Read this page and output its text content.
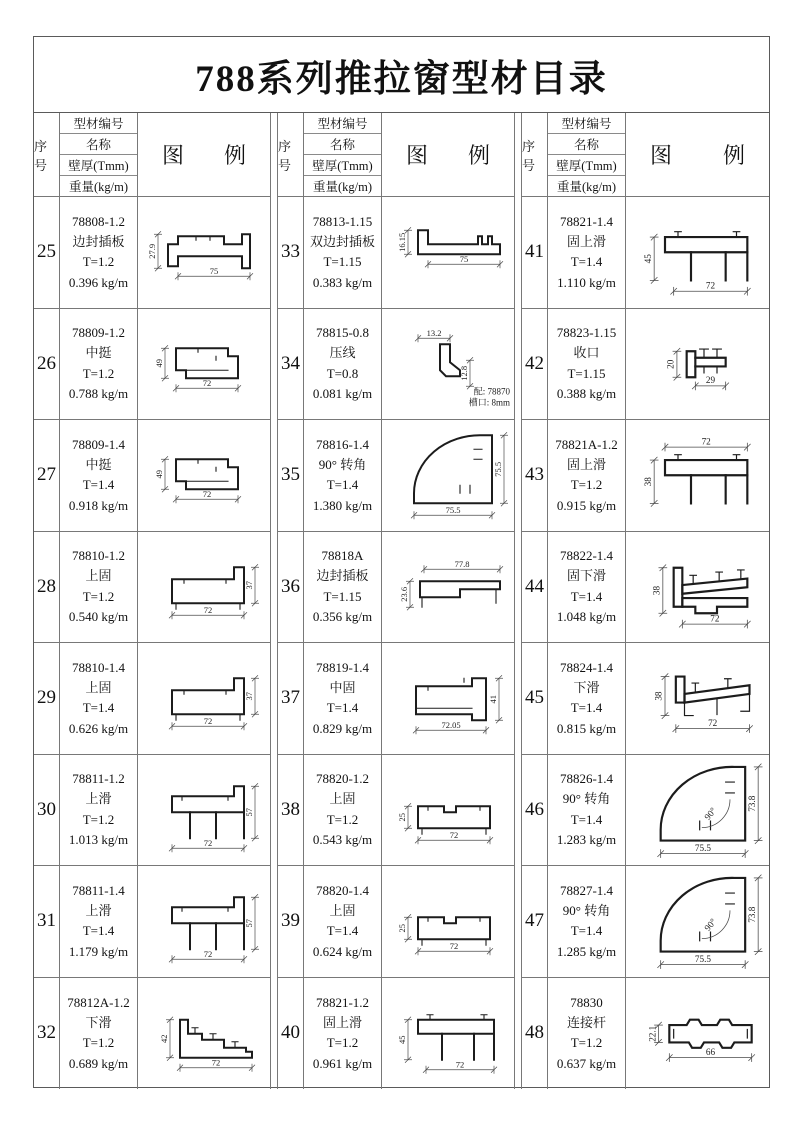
788系列推拉窗型材目录
序号
型材编号
名称
壁厚(Tmm)
重量(kg/m)
图 例
25
78808-1.2
边封插板
T=1.2
0.396 kg/m
27.9
75
26
78809-1.2
中挺
T=1.2
0.788 kg/m
49
72
27
78809-1.4
中挺
T=1.4
0.918 kg/m
49
72
28
78810-1.2
上固
T=1.2
0.540 kg/m
37
72
29
78810-1.4
上固
T=1.4
0.626 kg/m
37
72
30
78811-1.2
上滑
T=1.2
1.013 kg/m
57
72
31
78811-1.4
上滑
T=1.4
1.179 kg/m
57
72
32
78812A-1.2
下滑
T=1.2
0.689 kg/m
42
72
序号
型材编号
名称
壁厚(Tmm)
重量(kg/m)
图 例
33
78813-1.15
双边封插板
T=1.15
0.383 kg/m
16.15
75
34
78815-0.8
压线
T=0.8
0.081 kg/m
13.2
12.8
配: 78870
槽口: 8mm
35
78816-1.4
90° 转角
T=1.4
1.380 kg/m
75.5
75.5
36
78818A
边封插板
T=1.15
0.356 kg/m
77.8
23.6
37
78819-1.4
中固
T=1.4
0.829 kg/m
41
72.05
38
78820-1.2
上固
T=1.2
0.543 kg/m
25
72
39
78820-1.4
上固
T=1.4
0.624 kg/m
25
72
40
78821-1.2
固上滑
T=1.2
0.961 kg/m
45
72
序号
型材编号
名称
壁厚(Tmm)
重量(kg/m)
图 例
41
78821-1.4
固上滑
T=1.4
1.110 kg/m
45
72
42
78823-1.15
收口
T=1.15
0.388 kg/m
20
29
43
78821A-1.2
固上滑
T=1.2
0.915 kg/m
72
38
44
78822-1.4
固下滑
T=1.4
1.048 kg/m
38
72
45
78824-1.4
下滑
T=1.4
0.815 kg/m
38
72
46
78826-1.4
90° 转角
T=1.4
1.283 kg/m
90°
73.8
75.5
47
78827-1.4
90° 转角
T=1.4
1.285 kg/m
90°
73.8
75.5
48
78830
连接杆
T=1.2
0.637 kg/m
22.1
66
